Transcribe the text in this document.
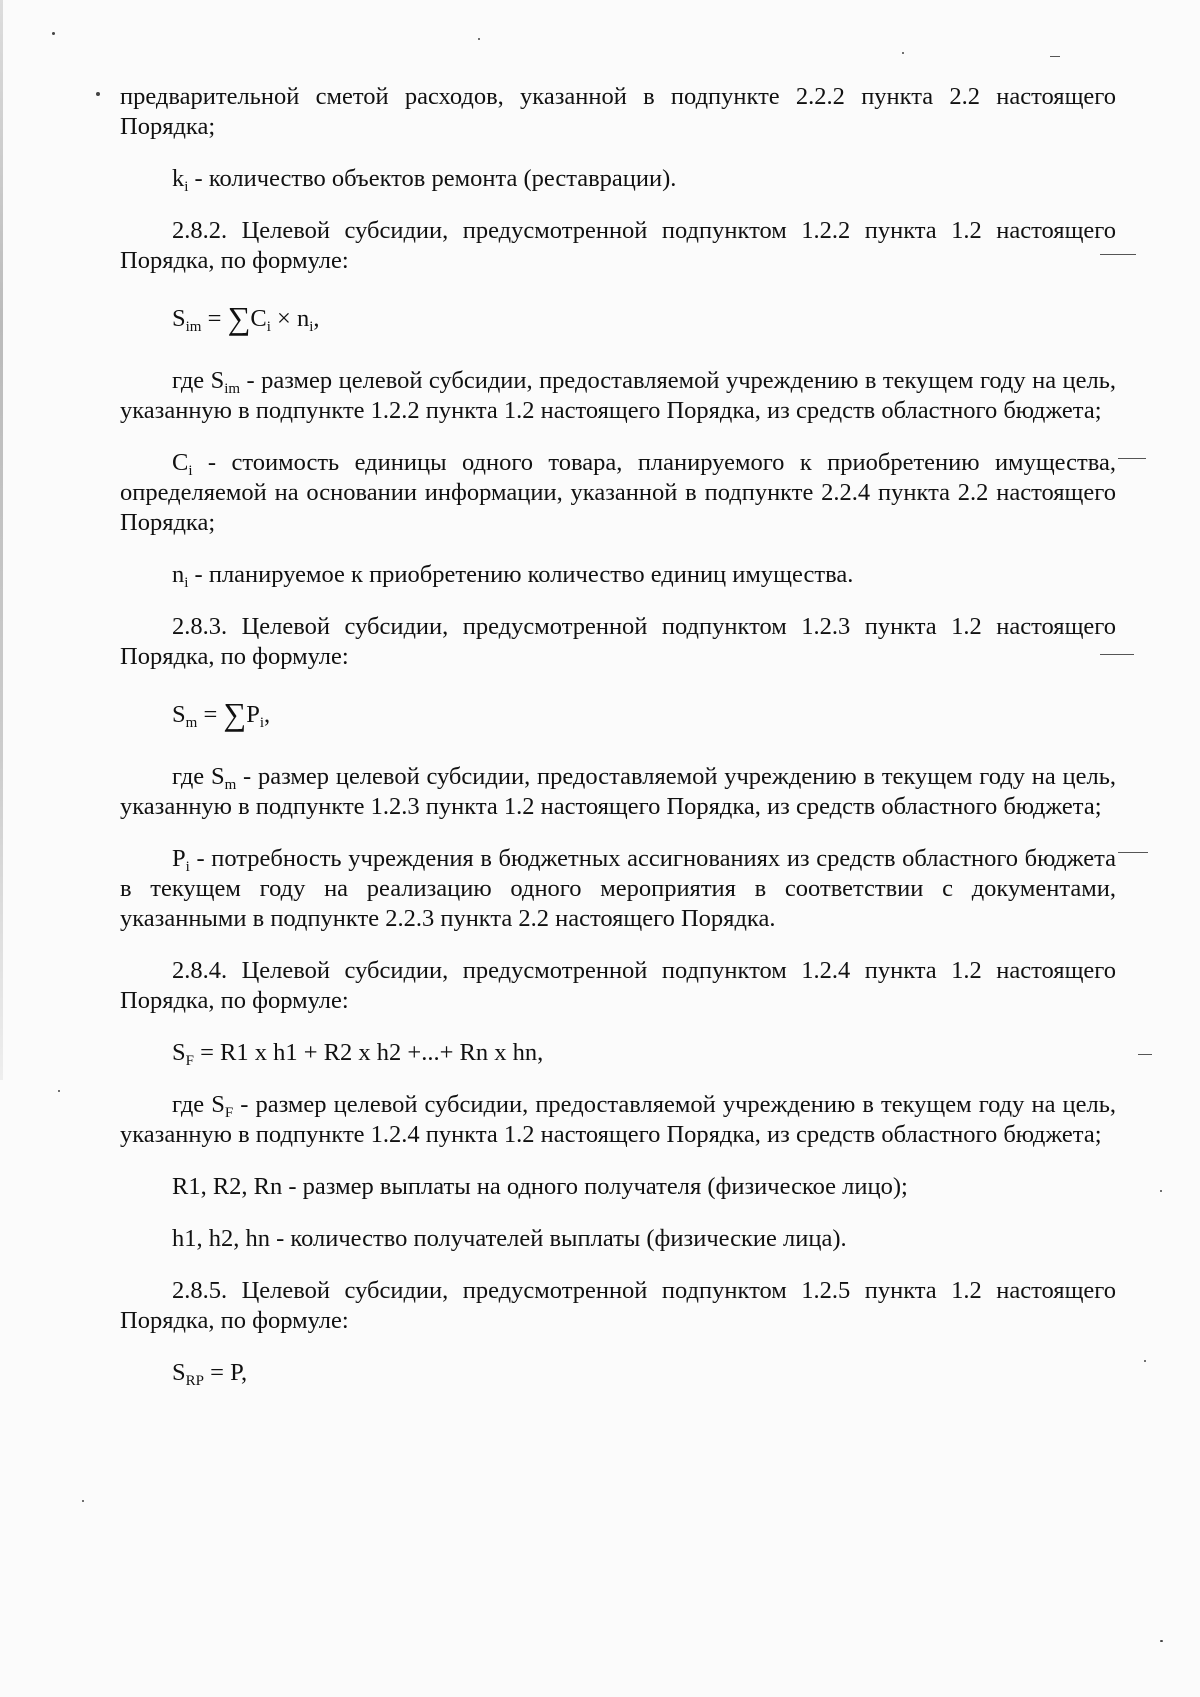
предварительной сметой расходов, указанной в подпункте 2.2.2 пункта 2.2 настоящего Порядка;

$k_i$ - количество объектов ремонта (реставрации).

2.8.2. Целевой субсидии, предусмотренной подпунктом 1.2.2 пункта 1.2 настоящего Порядка, по формуле:

$S_{im} = \sum C_i \times n_i$,

где $S_{im}$ - размер целевой субсидии, предоставляемой учреждению в текущем году на цель, указанную в подпункте 1.2.2 пункта 1.2 настоящего Порядка, из средств областного бюджета;

$C_i$ - стоимость единицы одного товара, планируемого к приобретению имущества, определяемой на основании информации, указанной в подпункте 2.2.4 пункта 2.2 настоящего Порядка;

$n_i$ - планируемое к приобретению количество единиц имущества.

2.8.3. Целевой субсидии, предусмотренной подпунктом 1.2.3 пункта 1.2 настоящего Порядка, по формуле:

$S_m = \sum P_i$,

где $S_m$ - размер целевой субсидии, предоставляемой учреждению в текущем году на цель, указанную в подпункте 1.2.3 пункта 1.2 настоящего Порядка, из средств областного бюджета;

$P_i$ - потребность учреждения в бюджетных ассигнованиях из средств областного бюджета в текущем году на реализацию одного мероприятия в соответствии с документами, указанными в подпункте 2.2.3 пункта 2.2 настоящего Порядка.

2.8.4. Целевой субсидии, предусмотренной подпунктом 1.2.4 пункта 1.2 настоящего Порядка, по формуле:

$S_F = R1$ x h1 + R2 x h2 +...+ Rn x hn,

где $S_F$ - размер целевой субсидии, предоставляемой учреждению в текущем году на цель, указанную в подпункте 1.2.4 пункта 1.2 настоящего Порядка, из средств областного бюджета;

R1, R2, Rn - размер выплаты на одного получателя (физическое лицо);

h1, h2, hn - количество получателей выплаты (физические лица).

2.8.5. Целевой субсидии, предусмотренной подпунктом 1.2.5 пункта 1.2 настоящего Порядка, по формуле:

$S_{RP} = P$,
